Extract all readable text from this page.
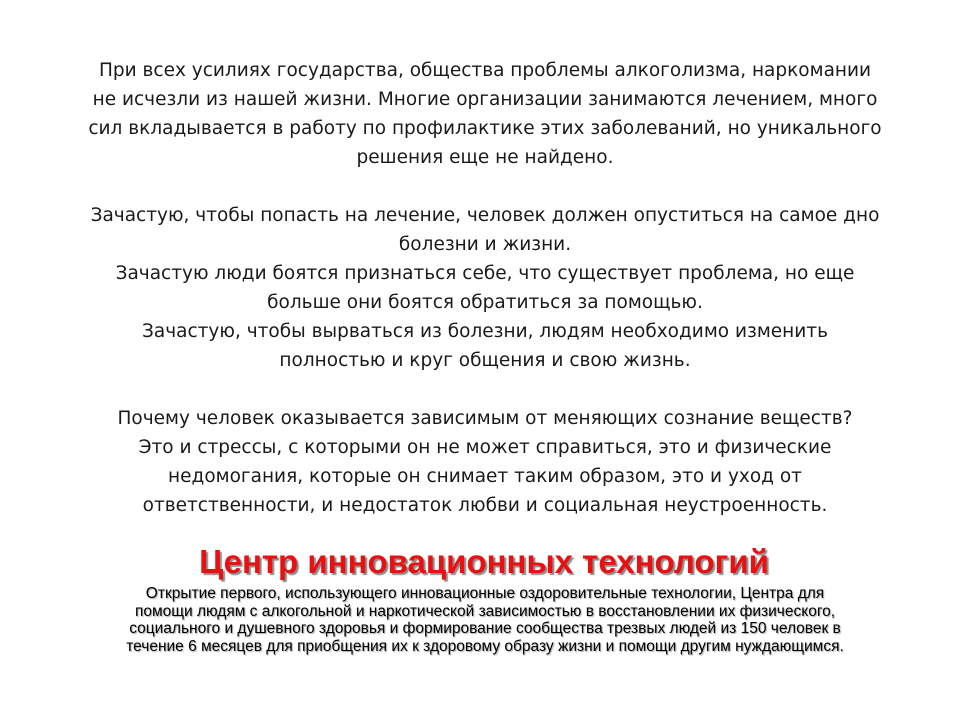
При всех усилиях государства, общества проблемы алкоголизма, наркомании

не исчезли из нашей жизни. Многие организации занимаются лечением, много

сил вкладывается в работу по профилактике этих заболеваний, но уникального

решения еще не найдено.

Зачастую, чтобы попасть на лечение, человек должен опуститься на самое дно

болезни и жизни.

Зачастую люди боятся признаться себе, что существует проблема, но еще

больше они боятся обратиться за помощью.

Зачастую, чтобы вырваться из болезни, людям необходимо изменить

полностью и круг общения и свою жизнь.

Почему человек оказывается зависимым от меняющих сознание веществ?

Это и стрессы, с которыми он не может справиться, это и физические

недомогания, которые он снимает таким образом, это и уход от

ответственности, и недостаток любви и социальная неустроенность.

Центр инновационных технологий
Открытие первого, использующего инновационные оздоровительные технологии, Центра для
помощи людям с алкогольной и наркотической зависимостью в восстановлении их физического,
социального и душевного здоровья и формирование сообщества трезвых людей из 150 человек в
течение 6 месяцев для приобщения их к здоровому образу жизни и помощи другим нуждающимся.
